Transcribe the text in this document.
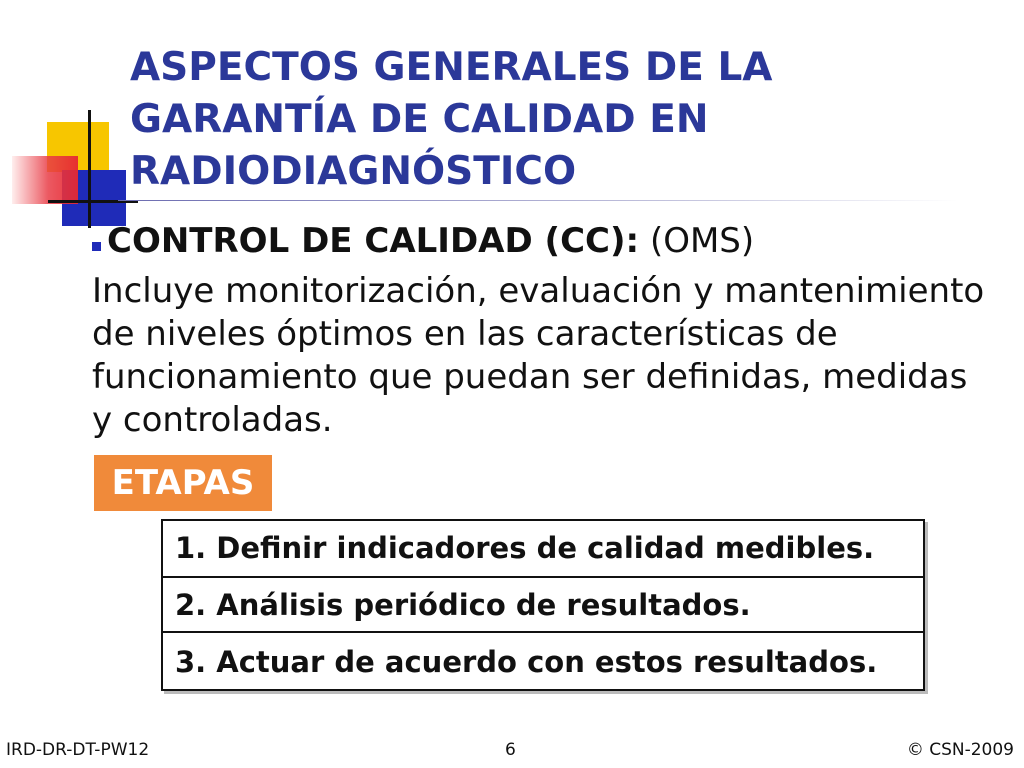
ASPECTOS GENERALES DE LA
GARANTÍA DE CALIDAD EN
RADIODIAGNÓSTICO
CONTROL DE CALIDAD (CC): (OMS)
Incluye monitorización, evaluación y mantenimiento
de niveles óptimos en las características de
funcionamiento que puedan ser definidas, medidas
y controladas.
ETAPAS
1. Definir indicadores de calidad medibles.
2. Análisis periódico de resultados.
3. Actuar de acuerdo con estos resultados.
IRD-DR-DT-PW12	6	© CSN-2009
